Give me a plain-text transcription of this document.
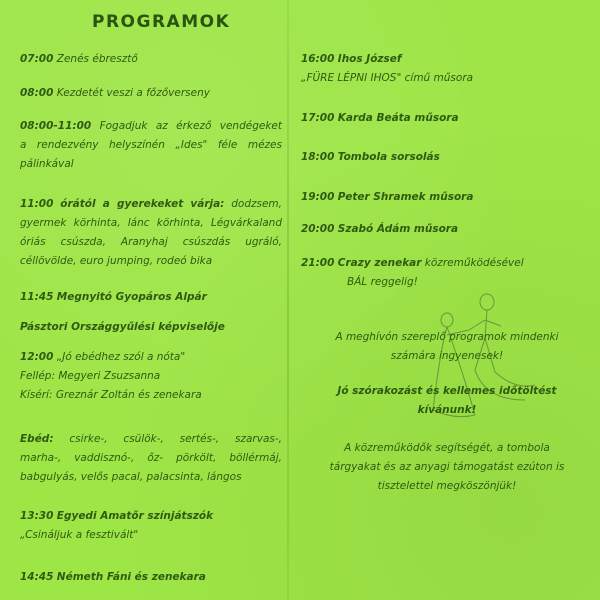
PROGRAMOK
07:00 Zenés ébresztő
08:00 Kezdetét veszi a főzőverseny
08:00-11:00 Fogadjuk az érkező vendégeket
a rendezvény helyszínén „Ides" féle mézes
pálinkával
11:00 órától a gyerekeket várja: dodzsem,
gyermek körhinta, lánc körhinta, Légvárkaland
óriás csúszda, Aranyhaj csúszdás ugráló,
céllövölde, euro jumping, rodeó bika
11:45 Megnyitó Gyopáros Alpár
Pásztori Országgyűlési képviselője
12:00 „Jó ebédhez szól a nóta"
Fellép: Megyeri Zsuzsanna
Kísérí: Greznár Zoltán és zenekara
Ebéd: csirke-, csülök-, sertés-, szarvas-,
marha-, vaddisznó-, őz- pörkölt, böllérmáj,
babgulyás, velős pacal, palacsinta, lángos
13:30 Egyedi Amatőr színjátszók
„Csináljuk a fesztivált"
14:45 Németh Fáni és zenekara
16:00 Ihos József
„FÜRE LÉPNI IHOS" című műsora
17:00 Karda Beáta műsora
18:00 Tombola sorsolás
19:00 Peter Shramek műsora
20:00 Szabó Ádám műsora
21:00 Crazy zenekar közreműködésével
BÁL reggelig!
A meghívón szereplő programok mindenki
számára ingyenesek!
Jó szórakozást és kellemes időtöltést
kívánunk!
A közreműködők segítségét, a tombola
tárgyakat és az anyagi támogatást ezúton is
tisztelettel megköszönjük!
